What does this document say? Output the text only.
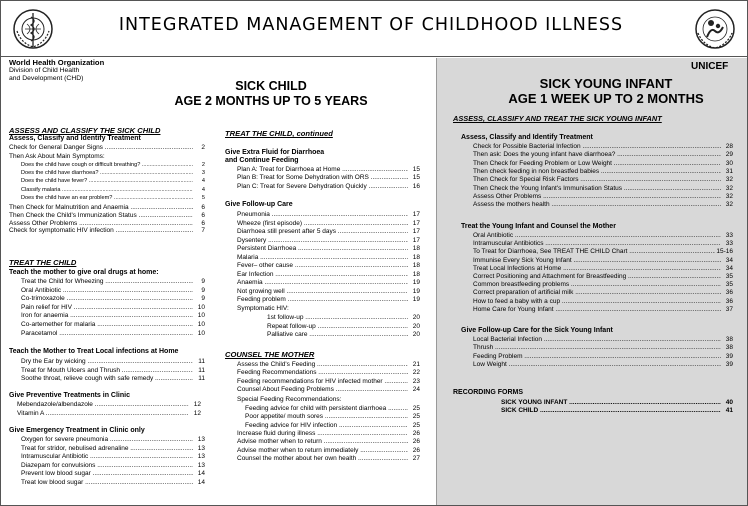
INTEGRATED MANAGEMENT OF CHILDHOOD ILLNESS
World Health Organization
Division of Child Health
and Development (CHD)
UNICEF
SICK CHILD
AGE 2 MONTHS UP TO 5 YEARS
SICK YOUNG INFANT
AGE 1 WEEK UP TO 2 MONTHS
ASSESS, CLASSIFY AND TREAT THE SICK YOUNG INFANT
ASSESS AND CLASSIFY THE SICK CHILD
Assess, Classify and Identify Treatment
Check for General Danger Signs .....	2
Then Ask About Main Symptoms:
Does the child have cough or difficult breathing? .....	2
Does the child have diarrhoea? .....	3
Does the child have fever? .....	4
Classify malaria .....	4
Does the child have an ear problem? .....	5
Then Check for Malnutrition and Anaemia .....	6
Then Check the Child's Immunization Status .....	6
Assess Other Problems .....	6
Check for symptomatic HIV infection .....	7
TREAT THE CHILD
Teach the mother to give oral drugs at home:
Treat the Child for Wheezing .....	9
Oral Antibiotic .....	9
Co-trimoxazole .....	9
Pain relief for HIV .....	10
Iron for anaemia .....	10
Co-artemether for malaria .....	10
Paracetamol .....	10
Teach the Mother to Treat Local infections at Home
Dry the Ear by wicking .....	11
Treat for Mouth Ulcers and Thrush .....	11
Soothe throat, relieve cough with safe remedy .....	11
Give Preventive Treatments in Clinic
Mebendazole/albendazole .....	12
Vitamin A .....	12
Give Emergency Treatment in Clinic only
Oxygen for severe pneumonia .....	13
Treat for stridor, nebulised adrenaline .....	13
Intramuscular Antibiotic .....	13
Diazepam for convulsions .....	13
Prevent low blood sugar .....	14
Treat low blood sugar .....	14
TREAT THE CHILD, continued
Give Extra Fluid for Diarrhoea
and Continue Feeding
Plan A: Treat for Diarrhoea at Home .....	15
Plan B: Treat for Some Dehydration with ORS .....	15
Plan C: Treat for Severe Dehydration Quickly .....	16
Give Follow-up Care
Pneumonia .....	17
Wheeze (first episode) .....	17
Diarrhoea still present after 5 days .....	17
Dysentery .....	17
Persistent Diarrhoea .....	18
Malaria .....	18
Fever– other cause .....	18
Ear Infection .....	18
Anaemia .....	19
Not growing well .....	19
Feeding problem .....	19
Symptomatic HIV:
1st follow-up .....	20
Repeat follow-up .....	20
Palliative care .....	20
COUNSEL THE MOTHER
Assess the Child's Feeding .....	21
Feeding Recommendations .....	22
Feeding recommendations for HIV infected mother .....	23
Counsel About Feeding Problems .....	24
Special Feeding Recommendations:
Feeding advice for child with persistent diarrhoea .....	25
Poor appetite/ mouth sores .....	25
Feeding advice for HIV infection .....	25
Increase fluid during illness .....	26
Advise mother when to return .....	26
Advise mother when to return immediately .....	26
Counsel the mother about her own health .....	27
Assess, Classify and Identify Treatment
Check for Possible Bacterial Infection .....	28
Then ask: Does the young infant have diarrhoea? .....	29
Then Check for Feeding Problem or Low Weight .....	30
Then check feeding in non breastfed babies .....	31
Then Check for Special Risk Factors .....	32
Then Check the Young Infant's Immunisation Status .....	32
Assess Other Problems .....	32
Assess the mothers health .....	32
Treat the Young Infant and Counsel the Mother
Oral Antibiotic .....	33
Intramuscular Antibiotics .....	33
To Treat for Diarrhoea, See TREAT THE CHILD Chart .....	15-16
Immunise Every Sick Young Infant .....	34
Treat Local Infections at Home .....	34
Correct Positioning and Attachment for Breastfeeding .....	35
Common breastfeeding problems .....	35
Correct preparation of artificial milk .....	36
How to feed a baby with a cup .....	36
Home Care for Young Infant .....	37
Give Follow-up Care for the Sick Young Infant
Local Bacterial Infection .....	38
Thrush .....	38
Feeding Problem .....	39
Low Weight .....	39
RECORDING FORMS
SICK YOUNG INFANT .....	40
SICK CHILD .....	41
